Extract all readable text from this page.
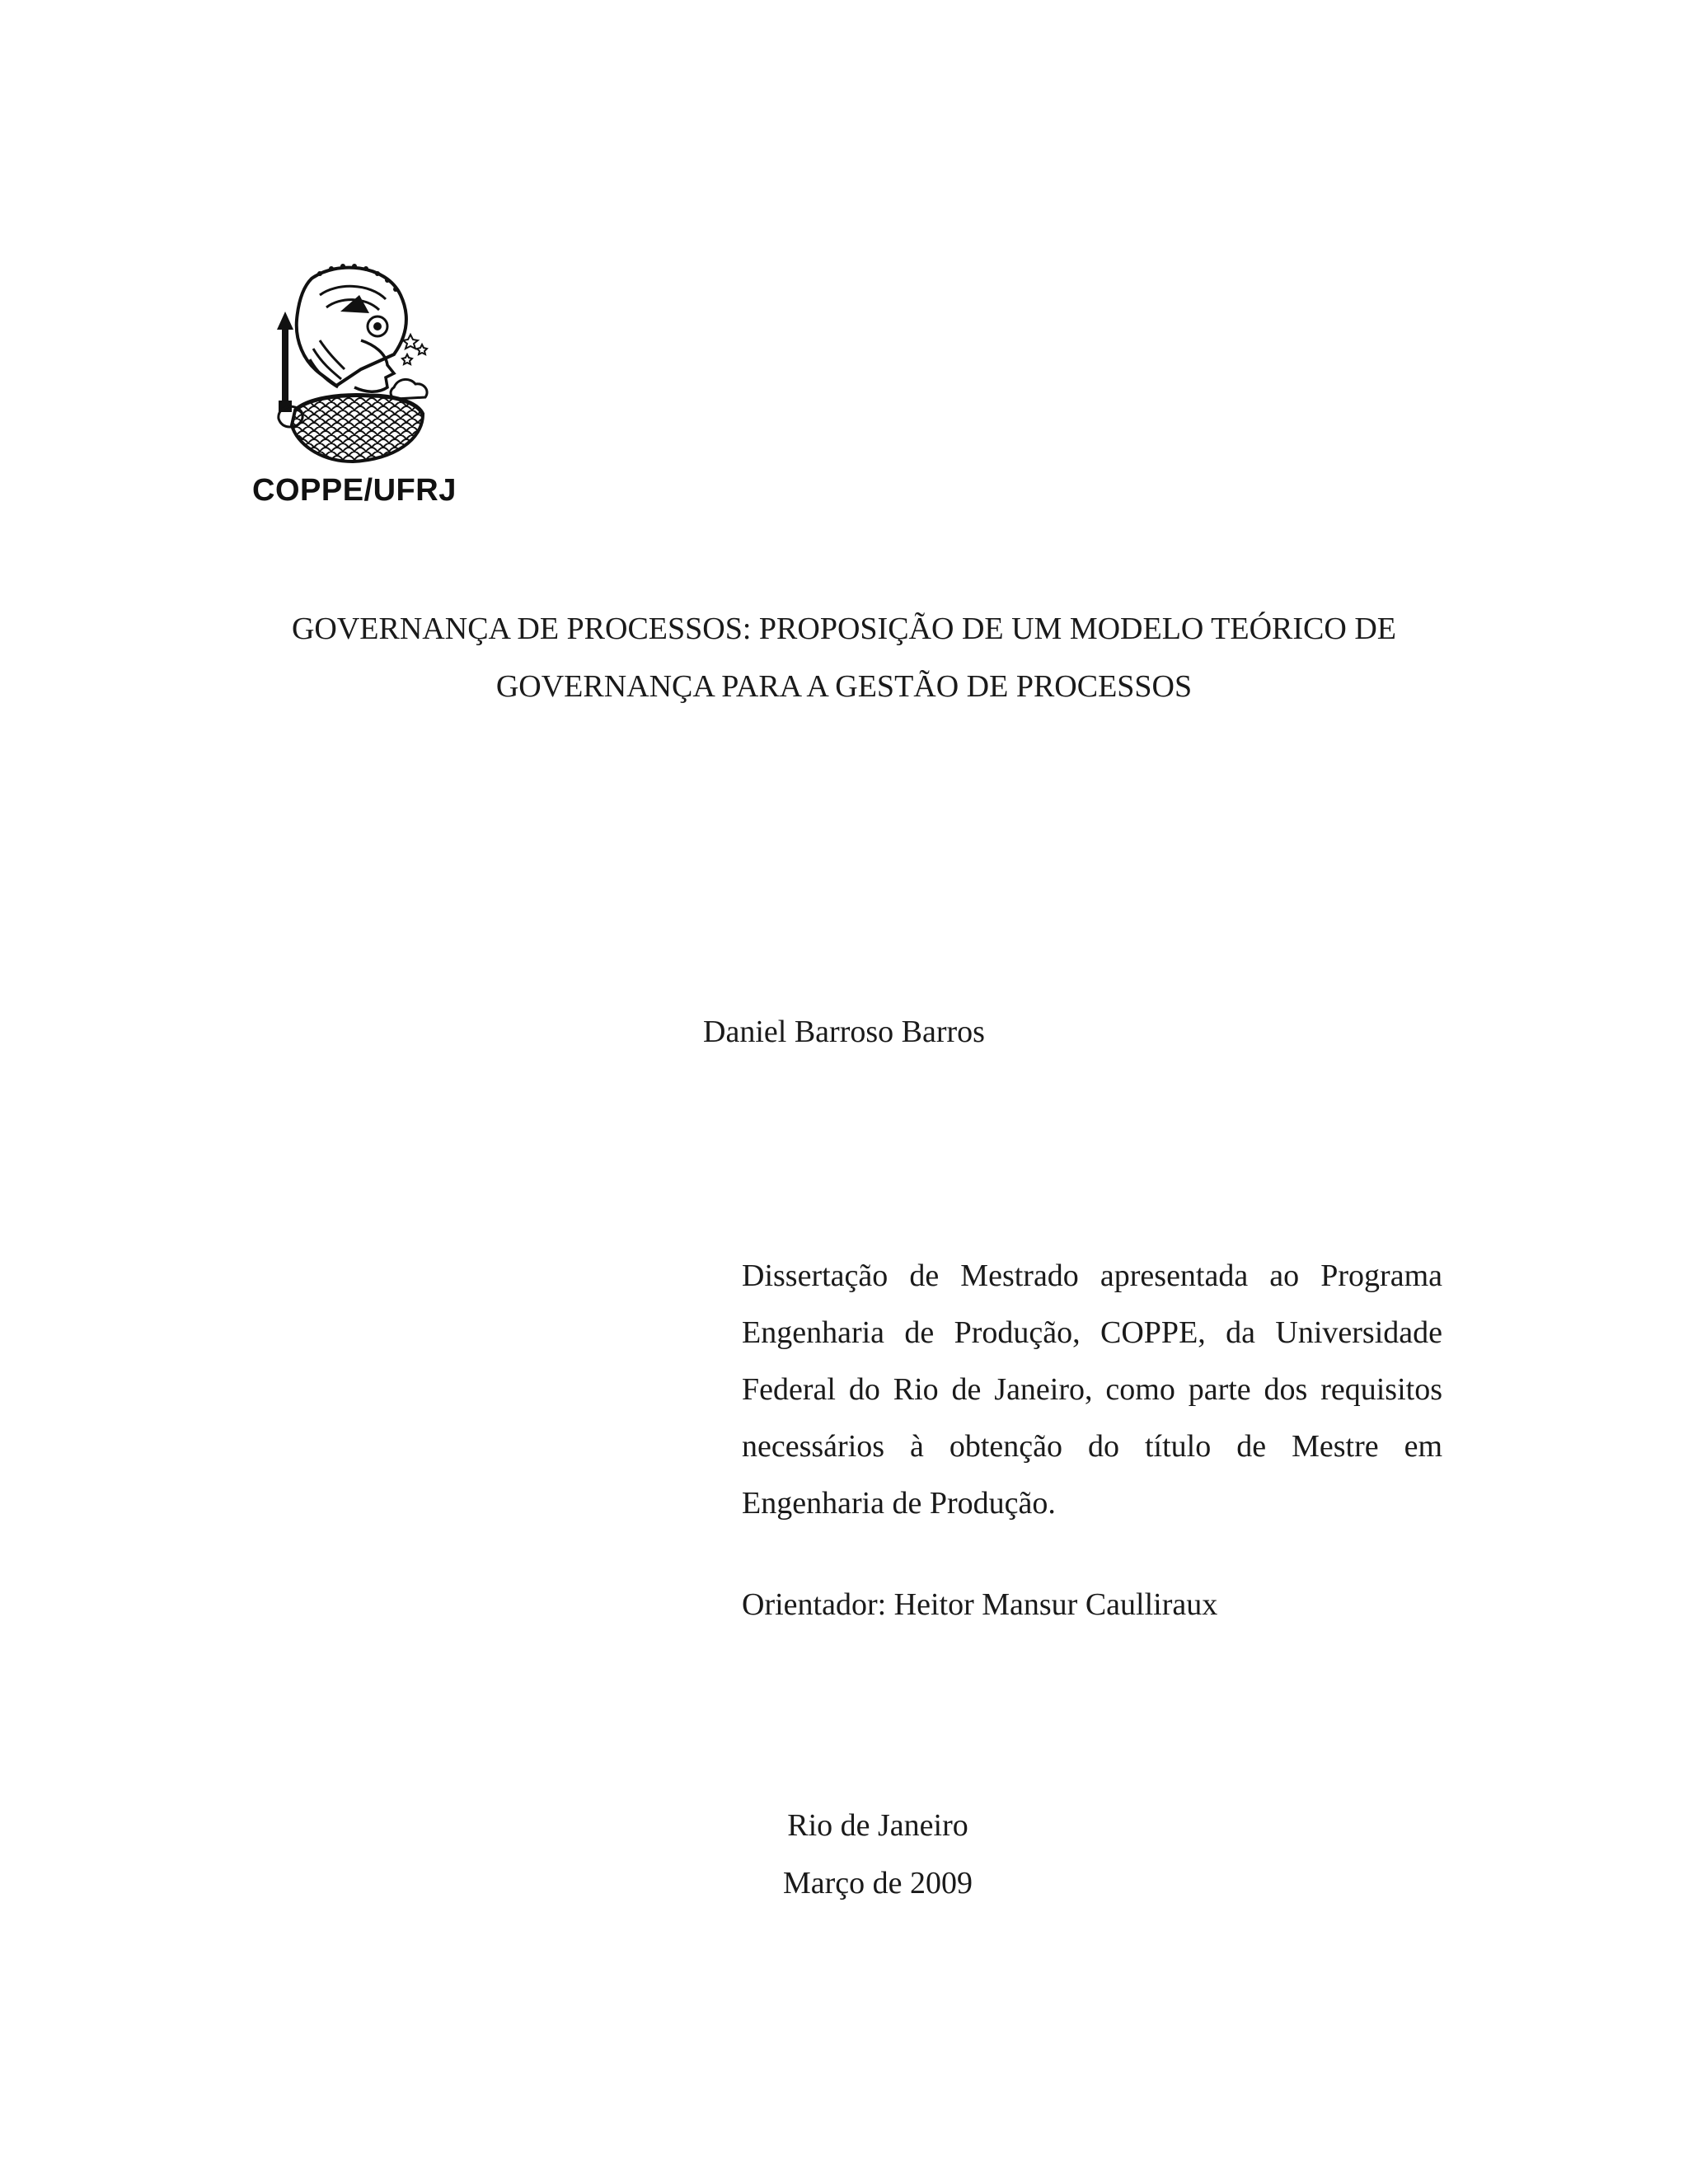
COPPE/UFRJ
GOVERNANÇA DE PROCESSOS: PROPOSIÇÃO DE UM MODELO TEÓRICO DE
GOVERNANÇA PARA A GESTÃO DE PROCESSOS
Daniel Barroso Barros
Dissertação de Mestrado apresentada ao Programa Engenharia de Produção, COPPE, da Universidade Federal do Rio de Janeiro, como parte dos requisitos necessários à obtenção do título de Mestre em Engenharia de Produção.
Orientador: Heitor Mansur Caulliraux
Rio de Janeiro
Março de 2009
